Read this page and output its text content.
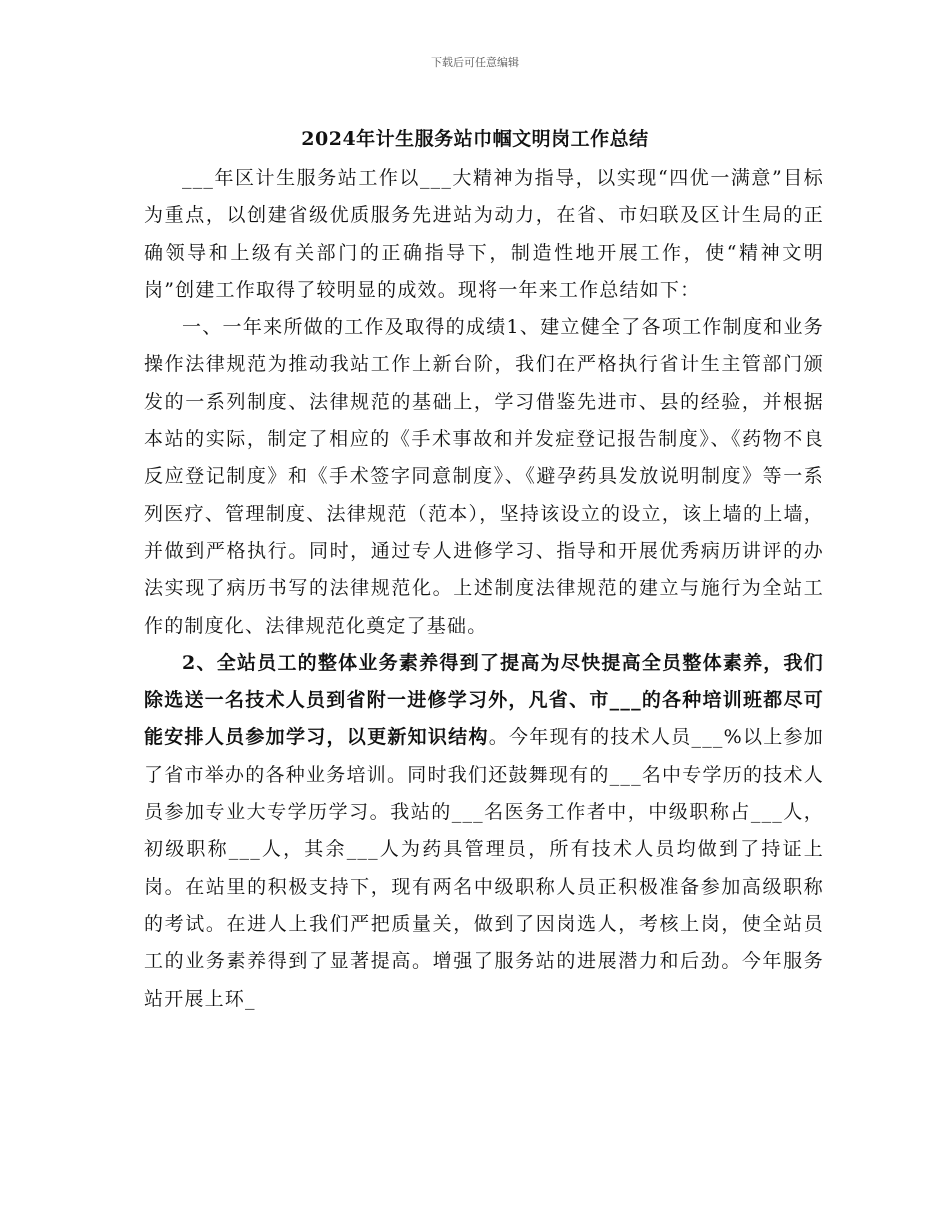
下载后可任意编辑
2024年计生服务站巾帼文明岗工作总结

___年区计生服务站工作以___大精神为指导，以实现“四优一满意”目标为重点，以创建省级优质服务先进站为动力，在省、市妇联及区计生局的正确领导和上级有关部门的正确指导下，制造性地开展工作，使“精神文明岗”创建工作取得了较明显的成效。现将一年来工作总结如下：

一、一年来所做的工作及取得的成绩1、建立健全了各项工作制度和业务操作法律规范为推动我站工作上新台阶，我们在严格执行省计生主管部门颁发的一系列制度、法律规范的基础上，学习借鉴先进市、县的经验，并根据本站的实际，制定了相应的《手术事故和并发症登记报告制度》、《药物不良反应登记制度》和《手术签字同意制度》、《避孕药具发放说明制度》等一系列医疗、管理制度、法律规范（范本），坚持该设立的设立，该上墙的上墙，并做到严格执行。同时，通过专人进修学习、指导和开展优秀病历讲评的办法实现了病历书写的法律规范化。上述制度法律规范的建立与施行为全站工作的制度化、法律规范化奠定了基础。

2、全站员工的整体业务素养得到了提高为尽快提高全员整体素养，我们除选送一名技术人员到省附一进修学习外，凡省、市___的各种培训班都尽可能安排人员参加学习，以更新知识结构。今年现有的技术人员___%以上参加了省市举办的各种业务培训。同时我们还鼓舞现有的___名中专学历的技术人员参加专业大专学历学习。我站的___名医务工作者中，中级职称占___人，初级职称___人，其余___人为药具管理员，所有技术人员均做到了持证上岗。在站里的积极支持下，现有两名中级职称人员正积极准备参加高级职称的考试。在进人上我们严把质量关，做到了因岗选人，考核上岗，使全站员工的业务素养得到了显著提高。增强了服务站的进展潜力和后劲。今年服务站开展上环_
